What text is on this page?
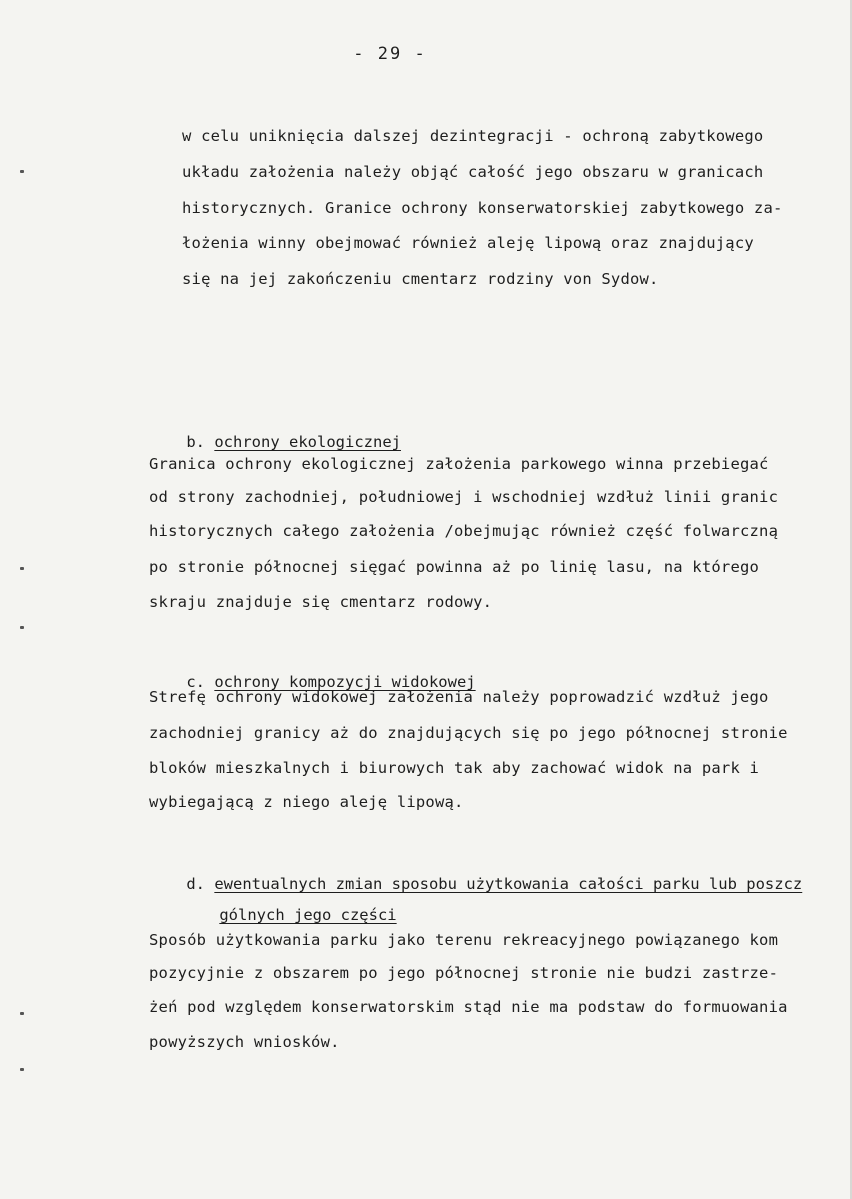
- 29 -
w celu uniknięcia dalszej dezintegracji - ochroną zabytkowego
układu założenia należy objąć całość jego obszaru w granicach
historycznych. Granice ochrony konserwatorskiej zabytkowego za-
łożenia winny obejmować również aleję lipową oraz znajdujący
się na jej zakończeniu cmentarz rodziny von Sydow.

b. ochrony ekologicznej

Granica ochrony ekologicznej założenia parkowego winna przebiegać
od strony zachodniej, południowej i wschodniej wzdłuż linii granic
historycznych całego założenia /obejmując również część folwarczną
po stronie północnej sięgać powinna aż po linię lasu, na którego
skraju znajduje się cmentarz rodowy.

c. ochrony kompozycji widokowej

Strefę ochrony widokowej założenia należy poprowadzić wzdłuż jego
zachodniej granicy aż do znajdujących się po jego północnej stronie
bloków mieszkalnych i biurowych tak aby zachować widok na park i
wybiegającą z niego aleję lipową.

d. ewentualnych zmian sposobu użytkowania całości parku lub poszcz

gólnych jego części

Sposób użytkowania parku jako terenu rekreacyjnego powiązanego kom
pozycyjnie z obszarem po jego północnej stronie nie budzi zastrze-
żeń pod względem konserwatorskim stąd nie ma podstaw do formuowania
powyższych wniosków.
